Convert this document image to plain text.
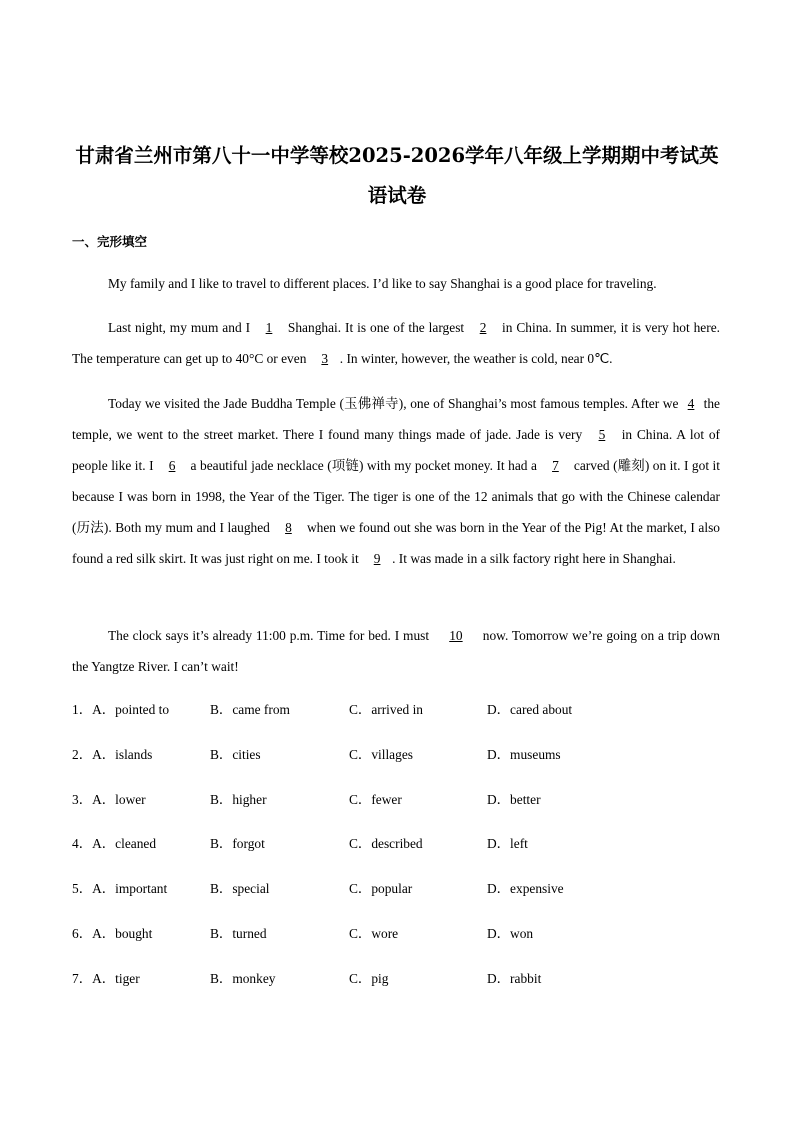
甘肃省兰州市第八十一中学等校2025-2026学年八年级上学期期中考试英
语试卷
一、完形填空

My family and I like to travel to different places. I’d like to say Shanghai is a good place for traveling.

Last night, my mum and I 1 Shanghai. It is one of the largest 2 in China. In summer, it is very hot here. The temperature can get up to 40°C or even 3 . In winter, however, the weather is cold, near 0℃.

Today we visited the Jade Buddha Temple (玉佛禅寺), one of Shanghai’s most famous temples. After we 4 the temple, we went to the street market. There I found many things made of jade. Jade is very 5 in China. A lot of people like it. I 6 a beautiful jade necklace (项链) with my pocket money. It had a 7 carved (雕刻) on it. I got it because I was born in 1998, the Year of the Tiger. The tiger is one of the 12 animals that go with the Chinese calendar (历法). Both my mum and I laughed 8 when we found out she was born in the Year of the Pig! At the market, I also found a red silk skirt. It was just right on me. I took it 9 . It was made in a silk factory right here in Shanghai.

The clock says it’s already 11:00 p.m. Time for bed. I must 10 now. Tomorrow we’re going on a trip down the Yangtze River. I can’t wait!

1．A．pointed to	B．came from	C．arrived in	D．cared about
2．A．islands	B．cities	C．villages	D．museums
3．A．lower	B．higher	C．fewer	D．better
4．A．cleaned	B．forgot	C．described	D．left
5．A．important	B．special	C．popular	D．expensive
6．A．bought	B．turned	C．wore	D．won
7．A．tiger	B．monkey	C．pig	D．rabbit
